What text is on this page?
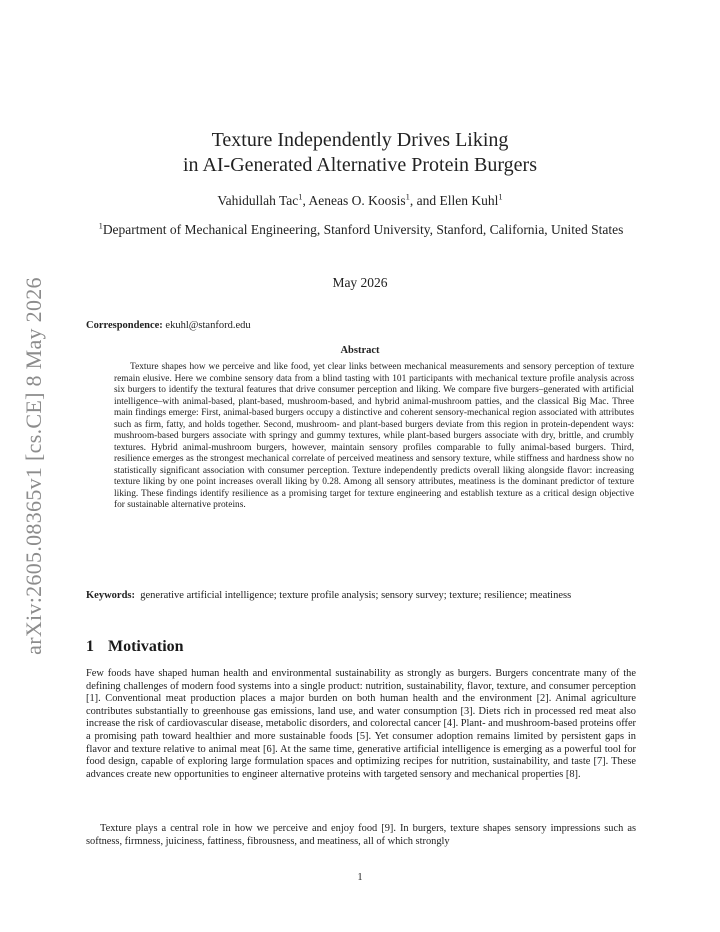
arXiv:2605.08365v1 [cs.CE] 8 May 2026
Texture Independently Drives Liking
in AI-Generated Alternative Protein Burgers
Vahidullah Tac$^1$, Aeneas O. Koosis$^1$, and Ellen Kuhl$^1$
$^1$Department of Mechanical Engineering, Stanford University, Stanford, California, United States
May 2026
Correspondence: ekuhl@stanford.edu
Abstract

Texture shapes how we perceive and like food, yet clear links between mechanical measurements and sensory perception of texture remain elusive. Here we combine sensory data from a blind tasting with 101 participants with mechanical texture profile analysis across six burgers to identify the textural features that drive consumer perception and liking. We compare five burgers–generated with artificial intelligence–with animal-based, plant-based, mushroom-based, and hybrid animal-mushroom patties, and the classical Big Mac. Three main findings emerge: First, animal-based burgers occupy a distinctive and coherent sensory-mechanical region associated with attributes such as firm, fatty, and holds together. Second, mushroom- and plant-based burgers deviate from this region in protein-dependent ways: mushroom-based burgers associate with springy and gummy textures, while plant-based burgers associate with dry, brittle, and crumbly textures. Hybrid animal-mushroom burgers, however, maintain sensory profiles comparable to fully animal-based burgers. Third, resilience emerges as the strongest mechanical correlate of perceived meatiness and sensory texture, while stiffness and hardness show no statistically significant association with consumer perception. Texture independently predicts overall liking alongside flavor: increasing texture liking by one point increases overall liking by 0.28. Among all sensory attributes, meatiness is the dominant predictor of texture liking. These findings identify resilience as a promising target for texture engineering and establish texture as a critical design objective for sustainable alternative proteins.

Keywords: generative artificial intelligence; texture profile analysis; sensory survey; texture; resilience; meatiness

1 Motivation

Few foods have shaped human health and environmental sustainability as strongly as burgers. Burgers concentrate many of the defining challenges of modern food systems into a single product: nutrition, sustainability, flavor, texture, and consumer perception [1]. Conventional meat production places a major burden on both human health and the environment [2]. Animal agriculture contributes substantially to greenhouse gas emissions, land use, and water consumption [3]. Diets rich in processed red meat also increase the risk of cardiovascular disease, metabolic disorders, and colorectal cancer [4]. Plant- and mushroom-based proteins offer a promising path toward healthier and more sustainable foods [5]. Yet consumer adoption remains limited by persistent gaps in flavor and texture relative to animal meat [6]. At the same time, generative artificial intelligence is emerging as a powerful tool for food design, capable of exploring large formulation spaces and optimizing recipes for nutrition, sustainability, and taste [7]. These advances create new opportunities to engineer alternative proteins with targeted sensory and mechanical properties [8].

Texture plays a central role in how we perceive and enjoy food [9]. In burgers, texture shapes sensory impressions such as softness, firmness, juiciness, fattiness, fibrousness, and meatiness, all of which strongly

1
